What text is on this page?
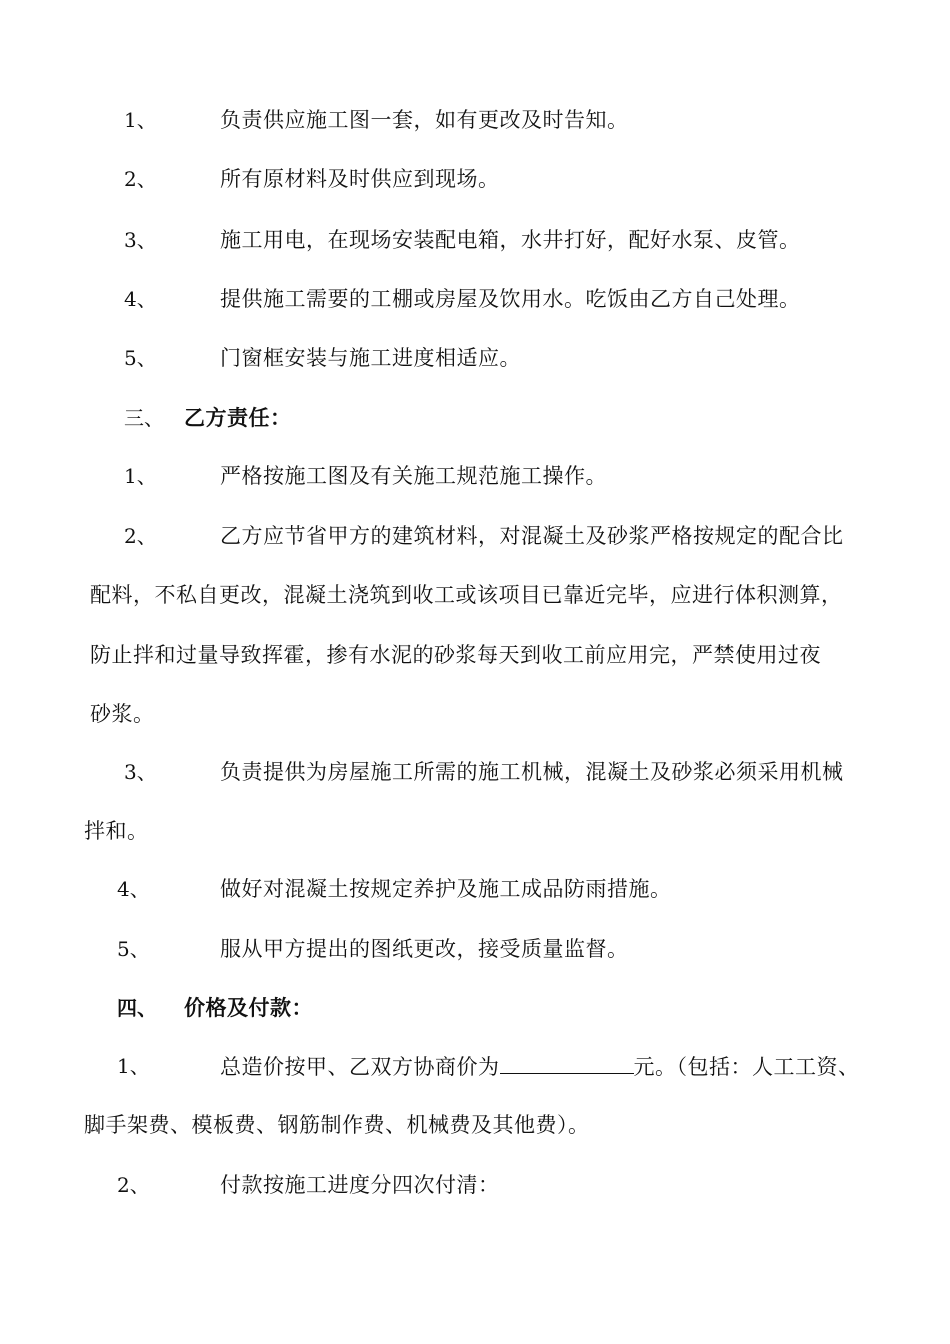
1、	负责供应施工图一套，如有更改及时告知。
2、	所有原材料及时供应到现场。
3、	施工用电，在现场安装配电箱，水井打好，配好水泵、皮管。
4、	提供施工需要的工棚或房屋及饮用水。吃饭由乙方自己处理。
5、	门窗框安装与施工进度相适应。
三、 乙方责任：
1、	严格按施工图及有关施工规范施工操作。
2、	乙方应节省甲方的建筑材料，对混凝土及砂浆严格按规定的配合比
配料，不私自更改，混凝土浇筑到收工或该项目已靠近完毕，应进行体积测算，
防止拌和过量导致挥霍，掺有水泥的砂浆每天到收工前应用完，严禁使用过夜
砂浆。
3、	负责提供为房屋施工所需的施工机械，混凝土及砂浆必须采用机械
拌和。
4、	做好对混凝土按规定养护及施工成品防雨措施。
5、	服从甲方提出的图纸更改，接受质量监督。
四、 价格及付款：
1、	总造价按甲、乙双方协商价为	元。（包括：人工工资、
脚手架费、模板费、钢筋制作费、机械费及其他费）。
2、	付款按施工进度分四次付清：
